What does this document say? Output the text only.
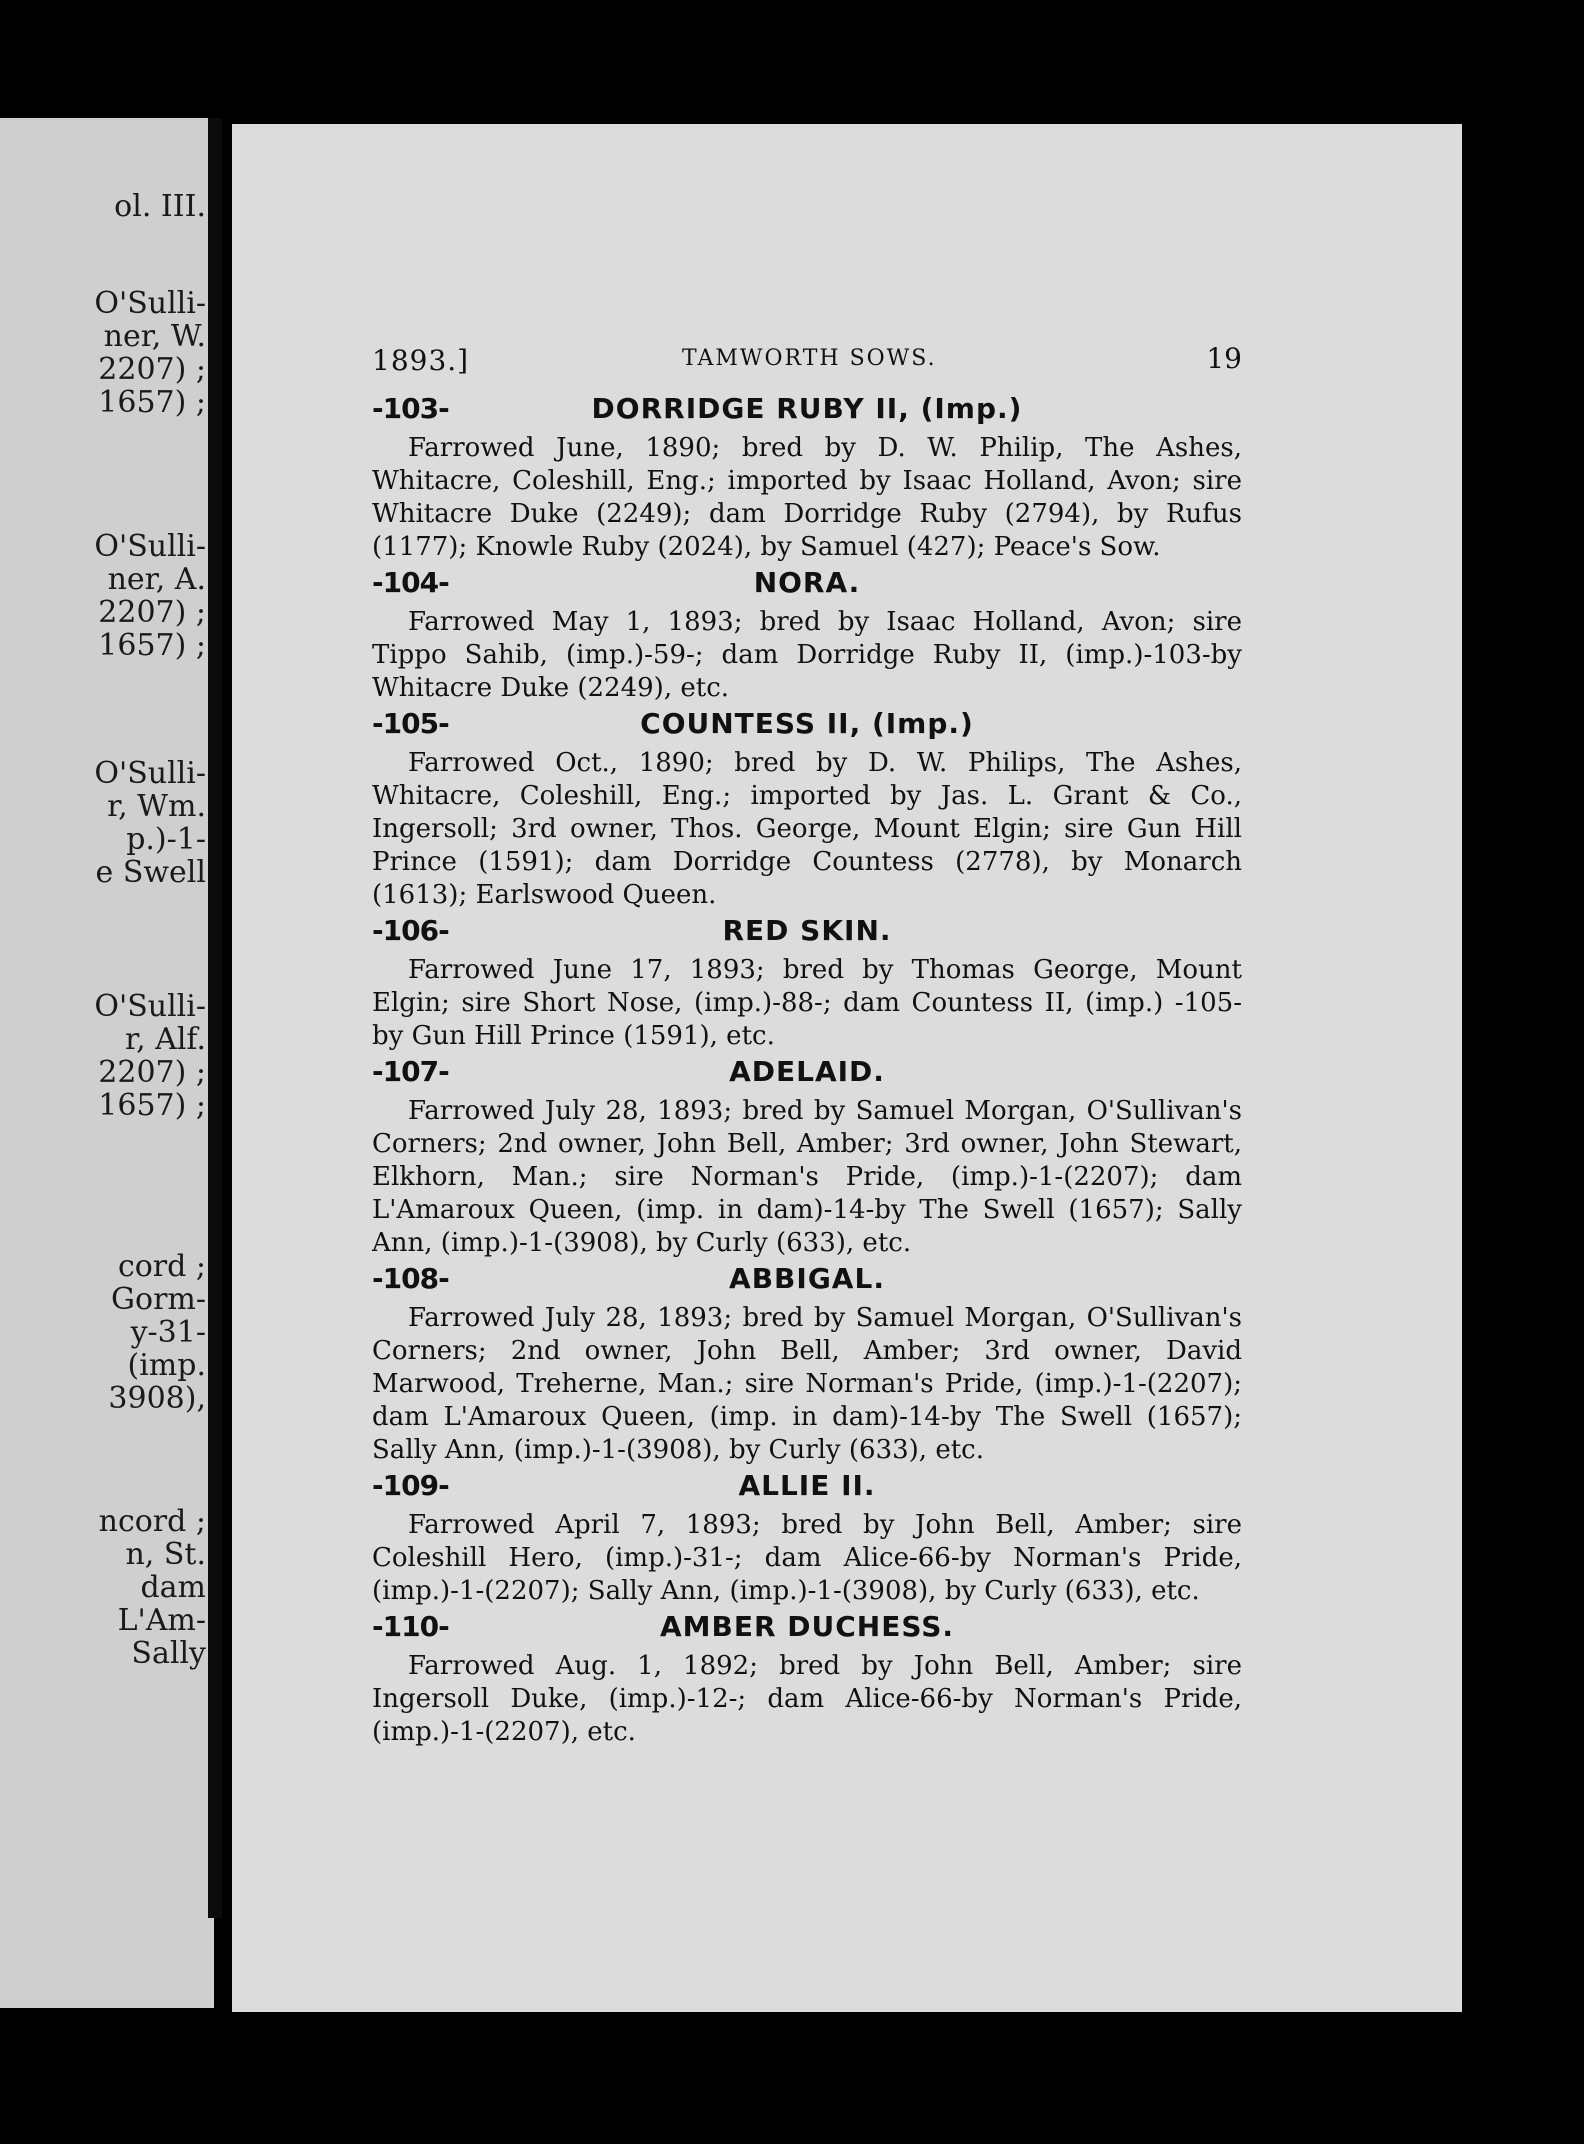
ol. III.
O'Sulli-
ner, W.
2207) ;
1657) ;
O'Sulli-
ner, A.
2207) ;
1657) ;
O'Sulli-
r, Wm.
p.)-1-
e Swell
O'Sulli-
r, Alf.
2207) ;
1657) ;
cord ;
Gorm-
y-31-
(imp.
3908),
ncord ;
n, St.
dam
L'Am-
Sally
1893.]	TAMWORTH SOWS.	19
-103-	DORRIDGE RUBY II, (Imp.)

Farrowed June, 1890; bred by D. W. Philip, The Ashes, Whitacre, Coleshill, Eng.; imported by Isaac Holland, Avon; sire Whitacre Duke (2249); dam Dorridge Ruby (2794), by Rufus (1177); Knowle Ruby (2024), by Samuel (427); Peace's Sow.

-104-	NORA.

Farrowed May 1, 1893; bred by Isaac Holland, Avon; sire Tippo Sahib, (imp.)-59-; dam Dorridge Ruby II, (imp.)-103-by Whitacre Duke (2249), etc.

-105-	COUNTESS II, (Imp.)

Farrowed Oct., 1890; bred by D. W. Philips, The Ashes, Whitacre, Coleshill, Eng.; imported by Jas. L. Grant & Co., Ingersoll; 3rd owner, Thos. George, Mount Elgin; sire Gun Hill Prince (1591); dam Dorridge Countess (2778), by Monarch (1613); Earlswood Queen.

-106-	RED SKIN.

Farrowed June 17, 1893; bred by Thomas George, Mount Elgin; sire Short Nose, (imp.)-88-; dam Countess II, (imp.) -105-by Gun Hill Prince (1591), etc.

-107-	ADELAID.

Farrowed July 28, 1893; bred by Samuel Morgan, O'Sullivan's Corners; 2nd owner, John Bell, Amber; 3rd owner, John Stewart, Elkhorn, Man.; sire Norman's Pride, (imp.)-1-(2207); dam L'Amaroux Queen, (imp. in dam)-14-by The Swell (1657); Sally Ann, (imp.)-1-(3908), by Curly (633), etc.

-108-	ABBIGAL.

Farrowed July 28, 1893; bred by Samuel Morgan, O'Sullivan's Corners; 2nd owner, John Bell, Amber; 3rd owner, David Marwood, Treherne, Man.; sire Norman's Pride, (imp.)-1-(2207); dam L'Amaroux Queen, (imp. in dam)-14-by The Swell (1657); Sally Ann, (imp.)-1-(3908), by Curly (633), etc.

-109-	ALLIE II.

Farrowed April 7, 1893; bred by John Bell, Amber; sire Coleshill Hero, (imp.)-31-; dam Alice-66-by Norman's Pride, (imp.)-1-(2207); Sally Ann, (imp.)-1-(3908), by Curly (633), etc.

-110-	AMBER DUCHESS.

Farrowed Aug. 1, 1892; bred by John Bell, Amber; sire Ingersoll Duke, (imp.)-12-; dam Alice-66-by Norman's Pride, (imp.)-1-(2207), etc.
